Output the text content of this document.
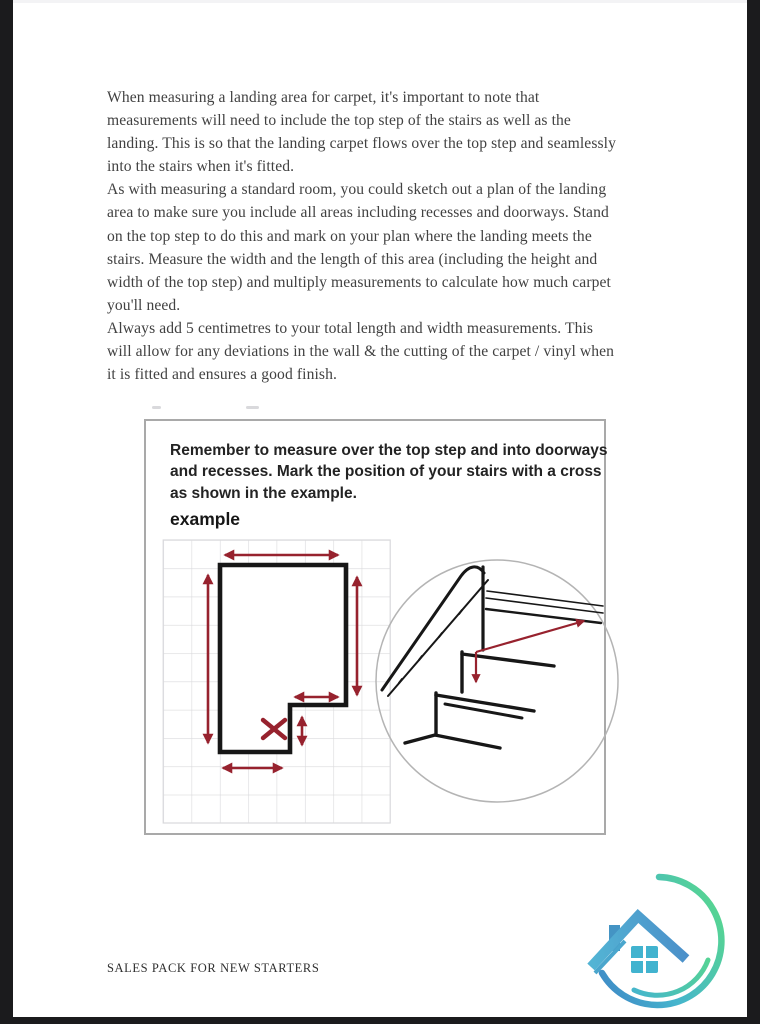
When measuring a landing area for carpet, it's important to note that
measurements will need to include the top step of the stairs as well as the
landing. This is so that the landing carpet flows over the top step and seamlessly
into the stairs when it's fitted.
As with measuring a standard room, you could sketch out a plan of the landing
area to make sure you include all areas including recesses and doorways. Stand
on the top step to do this and mark on your plan where the landing meets the
stairs. Measure the width and the length of this area (including the height and
width of the top step) and multiply measurements to calculate how much carpet
you'll need.
Always add 5 centimetres to your total length and width measurements. This
will allow for any deviations in the wall & the cutting of the carpet / vinyl when
it is fitted and ensures a good finish.
Remember to measure over the top step and into doorways
and recesses. Mark the position of your stairs with a cross
as shown in the example.
example
SALES PACK FOR NEW STARTERS
